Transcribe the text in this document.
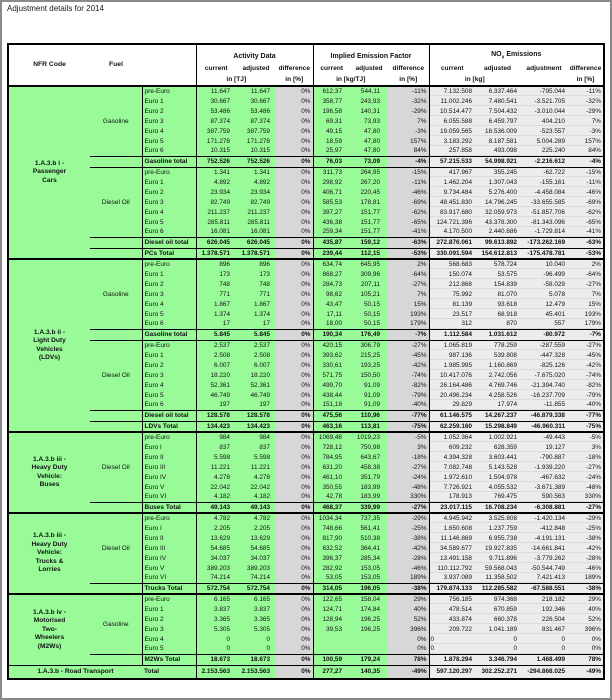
Adjustment details for 2014
NFR Code	Fuel		Activity Data			Implied Emission Factor			$NO_x$ Emissions			
			current	adjusted	difference	current	adjusted	difference	current	adjusted	adjustment	difference
			in [TJ]		in [%]	in [kg/TJ]		in [%]	in [kg]			in [%]

1.A.3.b i -
Passenger
Cars	Gasoline	pre-Euro	11.647	11.647	0%	612,37	544,11	-11%	7.132.508	6.337.464	-795.044	-11%
		Euro 1	30.667	30.667	0%	358,77	243,93	-32%	11.002.246	7.480.541	-3.521.705	-32%
		Euro 2	53.486	53.486	0%	196,58	140,31	-29%	10.514.477	7.504.432	-3.010.044	-29%
		Euro 3	87.374	87.374	0%	69,31	73,93	7%	6.055.588	6.459.797	404.210	7%
		Euro 4	387.759	387.759	0%	49,15	47,80	-3%	19.059.565	18.536.009	-523.557	-3%
		Euro 5	171.278	171.278	0%	18,59	47,80	157%	3.183.292	8.187.581	5.004.289	157%
		Euro 6	10.315	10.315	0%	25,97	47,80	84%	257.858	493.098	225.240	84%
		Gasoline total	752.526	752.526	0%	76,03	73,09	-4%	57.215.533	54.998.921	-2.216.612	-4%
	Diesel Oil	pre-Euro	1.341	1.341	0%	311,73	264,95	-15%	417.967	355.245	-62.722	-15%
		Euro 1	4.892	4.892	0%	298,92	267,20	-11%	1.462.204	1.307.043	-155.161	-11%
		Euro 2	23.934	23.934	0%	406,71	220,45	-46%	9.734.484	5.276.400	-4.458.084	-46%
		Euro 3	82.749	82.749	0%	585,53	178,81	-69%	48.451.830	14.796.245	-33.655.585	-69%
		Euro 4	211.237	211.237	0%	397,27	151,77	-62%	83.917.680	32.059.973	-51.857.706	-62%
		Euro 5	285.811	285.811	0%	436,38	151,77	-65%	124.721.396	43.378.300	-81.343.096	-65%
		Euro 6	16.081	16.081	0%	259,34	151,77	-41%	4.170.500	2.440.686	-1.729.814	-41%
		Diesel oil total	626.045	626.045	0%	435,87	159,12	-63%	272.876.061	99.613.892	-173.262.169	-63%
		PCs Total	1.378.571	1.378.571	0%	239,44	112,15	-53%	330.091.594	154.612.813	-175.478.781	-53%

1.A.3.b ii -
Light Duty
Vehicles
(LDVs)	Gasoline	pre-Euro	896	896	0%	634,74	645,95	2%	568.683	578.724	10.040	2%
		Euro 1	173	173	0%	868,27	309,96	-64%	150.074	53.575	-96.499	-64%
		Euro 2	748	748	0%	284,73	207,11	-27%	212.868	154.839	-58.029	-27%
		Euro 3	771	771	0%	98,62	105,21	7%	75.992	81.070	5.078	7%
		Euro 4	1.867	1.867	0%	43,47	50,15	15%	81.139	93.618	12.479	15%
		Euro 5	1.374	1.374	0%	17,11	50,15	193%	23.517	68.918	45.401	193%
		Euro 6	17	17	0%	18,00	50,15	179%	312	870	557	179%
		Gasoline total	5.845	5.845	0%	190,34	176,49	-7%	1.112.584	1.031.612	-80.972	-7%
	Diesel Oil	pre-Euro	2.537	2.537	0%	420,15	306,79	-27%	1.065.819	778.259	-287.559	-27%
		Euro 1	2.508	2.508	0%	393,62	215,25	-45%	987.136	539.808	-447.328	-45%
		Euro 2	6.007	6.007	0%	330,61	193,25	-42%	1.985.995	1.160.869	-825.126	-42%
		Euro 3	18.220	18.220	0%	571,75	150,50	-74%	10.417.076	2.742.056	-7.675.020	-74%
		Euro 4	52.361	52.361	0%	499,70	91,09	-82%	26.164.486	4.769.746	-21.394.740	-82%
		Euro 5	46.749	46.749	0%	438,44	91,09	-79%	20.496.234	4.258.526	-16.237.709	-79%
		Euro 6	197	197	0%	151,18	91,09	-40%	29.829	17.974	-11.855	-40%
		Diesel oil total	128.578	128.578	0%	475,56	110,96	-77%	61.146.575	14.267.237	-46.879.338	-77%
		LDVs Total	134.423	134.423	0%	463,16	113,81	-75%	62.259.160	15.298.849	-46.960.311	-75%

1.A.3.b iii -
Heavy Duty
Vehicle:
Buses	Diesel Oil	pre-Euro	984	984	0%	1069,48	1019,23	-5%	1.052.364	1.002.921	-49.443	-5%
		Euro I	837	837	0%	728,12	750,98	3%	609.232	628.359	19.127	3%
		Euro II	5.598	5.598	0%	784,95	643,67	-18%	4.394.328	3.603.441	-790.887	-18%
		Euro III	11.221	11.221	0%	631,20	458,38	-27%	7.082.748	5.143.528	-1.939.220	-27%
		Euro IV	4.278	4.278	0%	461,10	351,79	-24%	1.972.610	1.504.978	-467.632	-24%
		Euro V	22.042	22.042	0%	350,55	183,99	-48%	7.726.921	4.055.532	-3.671.389	-48%
		Euro VI	4.182	4.182	0%	42,78	183,99	330%	178.913	769.475	590.563	330%
		Buses Total	49.143	49.143	0%	468,37	339,99	-27%	23.017.115	16.708.234	-6.308.881	-27%

1.A.3.b iii -
Heavy Duty
Vehicle:
Trucks &
Lorries	Diesel Oil	pre-Euro	4.782	4.782	0%	1034,34	737,35	-29%	4.945.942	3.525.808	-1.420.134	-29%
		Euro I	2.205	2.205	0%	748,66	561,41	-25%	1.650.608	1.237.759	-412.848	-25%
		Euro II	13.629	13.629	0%	817,90	510,38	-38%	11.146.869	6.955.738	-4.191.131	-38%
		Euro III	54.685	54.685	0%	632,52	364,41	-42%	34.589.677	19.927.835	-14.661.841	-42%
		Euro IV	34.037	34.037	0%	396,37	285,34	-28%	13.491.158	9.711.896	-3.779.262	-28%
		Euro V	389.203	389.203	0%	282,92	153,05	-46%	110.112.792	59.568.043	-50.544.749	-46%
		Euro VI	74.214	74.214	0%	53,05	153,05	189%	3.937.089	11.358.502	7.421.413	189%
		Trucks Total	572.754	572.754	0%	314,05	196,05	-38%	179.874.133	112.285.582	-67.588.551	-38%

1.A.3.b iv -
Motorised
Two-
Wheelers
(M2Ws)	Gasoline	pre-Euro	6.165	6.165	0%	122,65	158,04	29%	756.185	974.368	218.182	29%
		Euro 1	3.837	3.837	0%	124,71	174,84	40%	478.514	670.859	192.346	40%
		Euro 2	3.365	3.365	0%	128,94	196,25	52%	433.874	660.378	226.504	52%
		Euro 3	5.305	5.305	0%	39,53	196,25	396%	209.722	1.041.189	831.467	396%
		Euro 4	0	0	0%			0%	0	0	0	0%
		Euro 5	0	0	0%			0%	0	0	0	0%
		M2Ws Total	18.673	18.673	0%	100,59	179,24	78%	1.878.294	3.346.794	1.468.499	78%
1.A.3.b - Road Transport		Total	2.153.563	2.153.563	0%	277,27	140,35	-49%	597.120.297	302.252.271	-294.868.025	-49%
